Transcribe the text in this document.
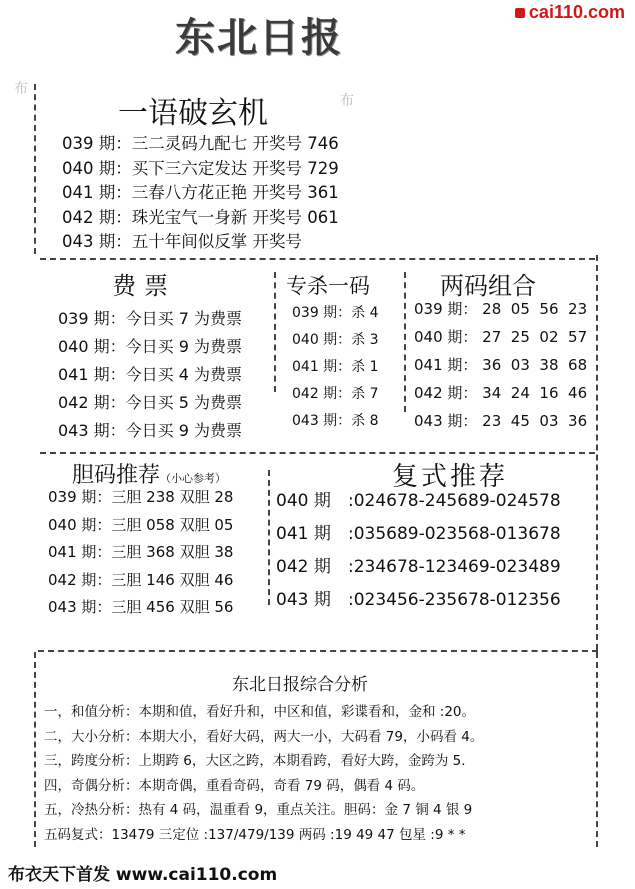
东北日报
cai110.com
布
布
一语破玄机
039 期：三二灵码九配七 开奖号 746
040 期：买下三六定发达 开奖号 729
041 期：三春八方花正艳 开奖号 361
042 期：珠光宝气一身新 开奖号 061
043 期：五十年间似反掌 开奖号
费票
039 期：今日买 7 为费票
040 期：今日买 9 为费票
041 期：今日买 4 为费票
042 期：今日买 5 为费票
043 期：今日买 9 为费票
专杀一码
039 期：杀 4
040 期：杀 3
041 期：杀 1
042 期：杀 7
043 期：杀 8
两码组合
039 期： 28  05  56  23
040 期： 27  25  02  57
041 期： 36  03  38  68
042 期： 34  24  16  46
043 期： 23  45  03  36
胆码推荐（小心参考）
039 期：三胆 238 双胆 28
040 期：三胆 058 双胆 05
041 期：三胆 368 双胆 38
042 期：三胆 146 双胆 46
043 期：三胆 456 双胆 56
复式推荐
040 期 :024678-245689-024578
041 期 :035689-023568-013678
042 期 :234678-123469-023489
043 期 :023456-235678-012356
东北日报综合分析
一，和值分析：本期和值，看好升和，中区和值，彩谍看和，金和 :20。
二，大小分析：本期大小，看好大码，两大一小，大码看 79，小码看 4。
三，跨度分析：上期跨 6，大区之跨，本期看跨，看好大跨，金跨为 5.
四，奇偶分析：本期奇偶，重看奇码，奇看 79 码，偶看 4 码。
五，冷热分析：热有 4 码，温重看 9，重点关注。胆码：金 7 铜 4 银 9
五码复式：13479 三定位 :137/479/139 两码 :19 49 47 包星 :9 * *
布衣天下首发 www.cai110.com
